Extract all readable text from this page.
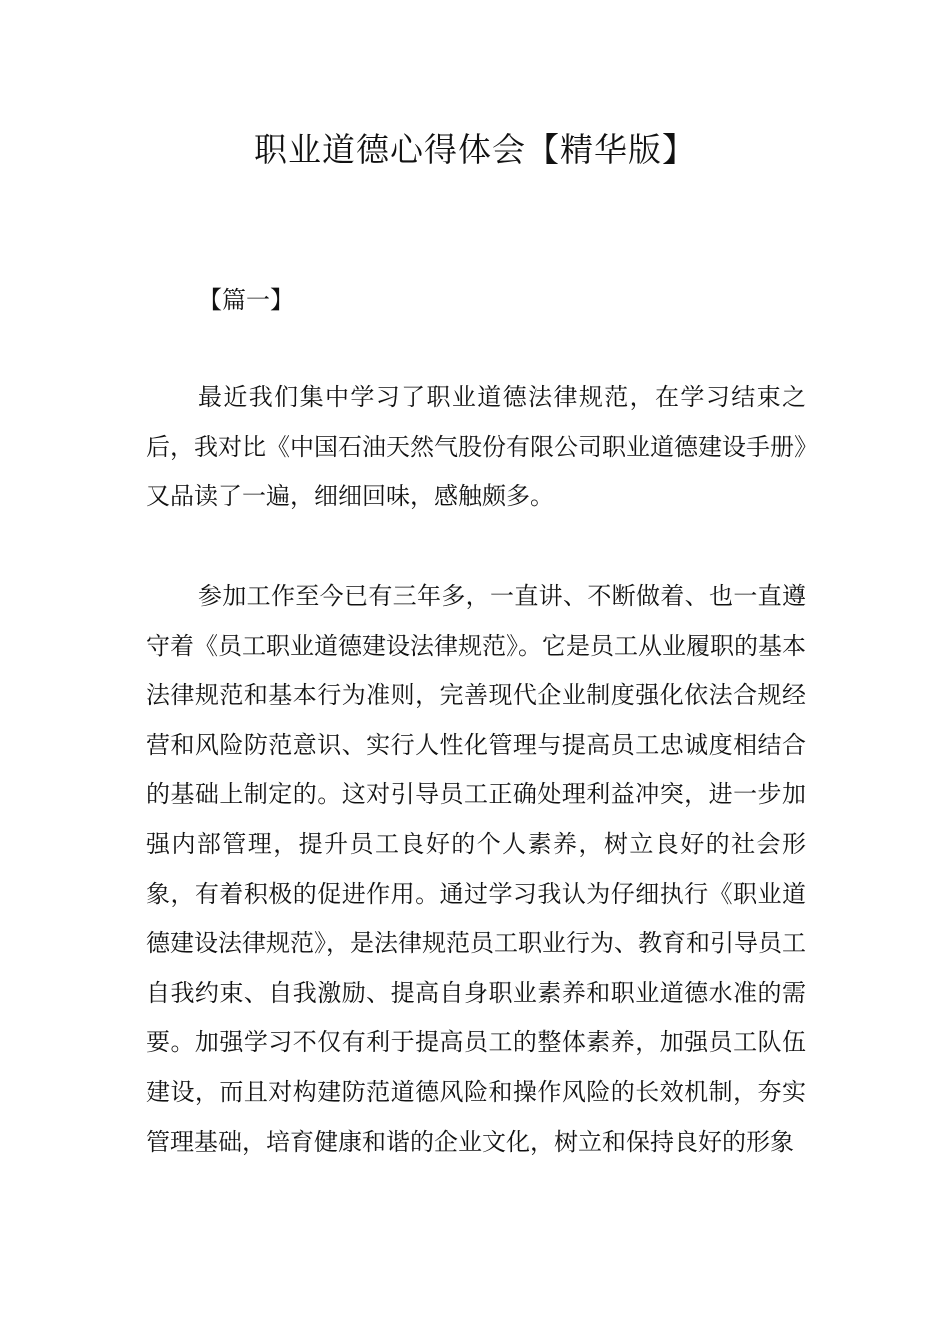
职业道德心得体会【精华版】
【篇一】

最近我们集中学习了职业道德法律规范，在学习结束之后，我对比《中国石油天然气股份有限公司职业道德建设手册》又品读了一遍，细细回味，感触颇多。

参加工作至今已有三年多，一直讲、不断做着、也一直遵守着《员工职业道德建设法律规范》。它是员工从业履职的基本法律规范和基本行为准则，完善现代企业制度强化依法合规经营和风险防范意识、实行人性化管理与提高员工忠诚度相结合的基础上制定的。这对引导员工正确处理利益冲突，进一步加强内部管理，提升员工良好的个人素养，树立良好的社会形象，有着积极的促进作用。通过学习我认为仔细执行《职业道德建设法律规范》，是法律规范员工职业行为、教育和引导员工自我约束、自我激励、提高自身职业素养和职业道德水准的需要。加强学习不仅有利于提高员工的整体素养，加强员工队伍建设，而且对构建防范道德风险和操作风险的长效机制，夯实管理基础，培育健康和谐的企业文化，树立和保持良好的形象
